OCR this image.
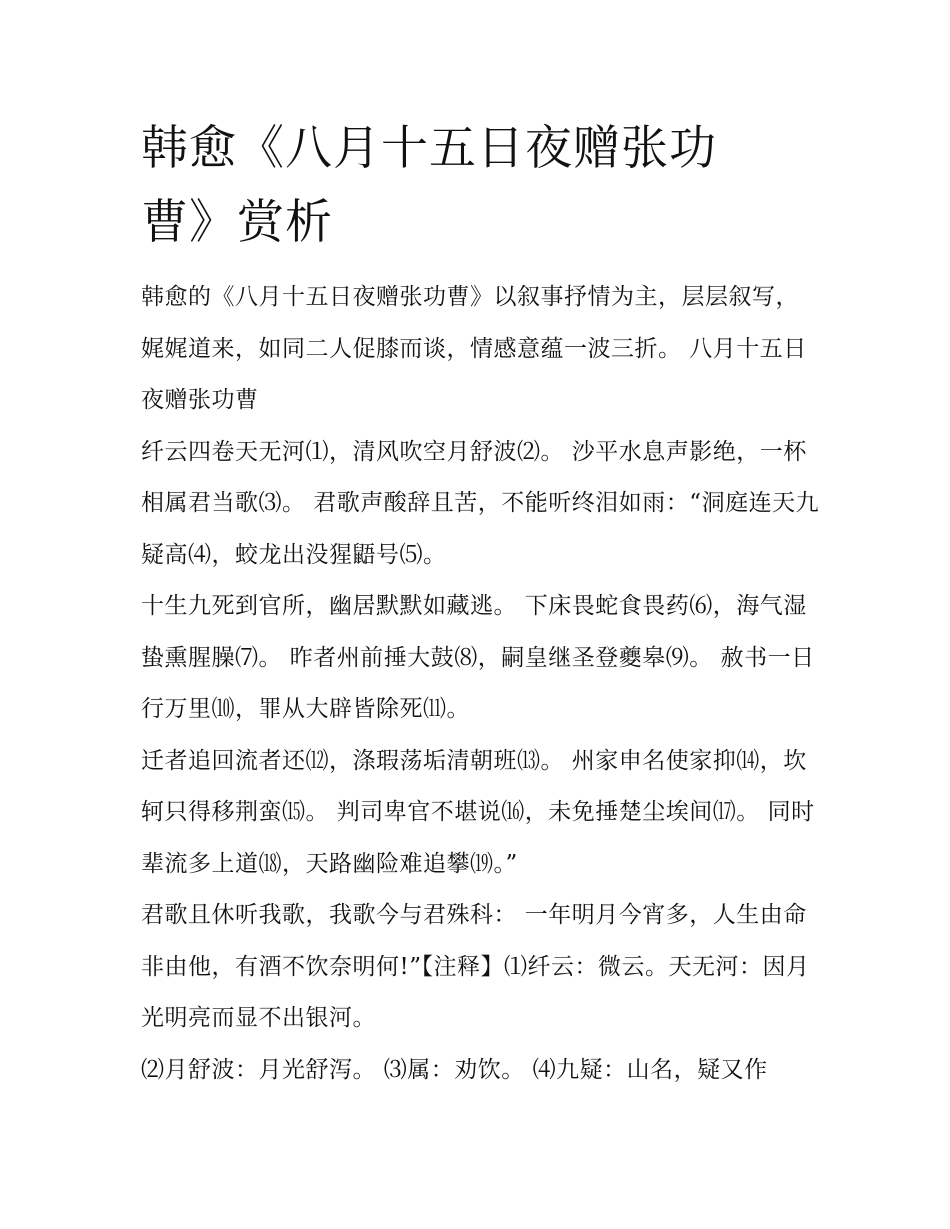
韩愈《八月十五日夜赠张功曹》赏析

韩愈的《八月十五日夜赠张功曹》以叙事抒情为主，层层叙写，娓娓道来，如同二人促膝而谈，情感意蕴一波三折。 八月十五日夜赠张功曹

纤云四卷天无河⑴，清风吹空月舒波⑵。 沙平水息声影绝，一杯相属君当歌⑶。 君歌声酸辞且苦，不能听终泪如雨：“洞庭连天九疑高⑷，蛟龙出没猩鼯号⑸。

十生九死到官所，幽居默默如藏逃。 下床畏蛇食畏药⑹，海气湿蛰熏腥臊⑺。 昨者州前捶大鼓⑻，嗣皇继圣登夔皋⑼。 赦书一日行万里⑽，罪从大辟皆除死⑾。

迁者追回流者还⑿，涤瑕荡垢清朝班⒀。 州家申名使家抑⒁，坎轲只得移荆蛮⒂。 判司卑官不堪说⒃，未免捶楚尘埃间⒄。 同时辈流多上道⒅，天路幽险难追攀⒆。”

君歌且休听我歌，我歌今与君殊科： 一年明月今宵多，人生由命非由他，有酒不饮奈明何!”【注释】⑴纤云：微云。天无河：因月光明亮而显不出银河。

⑵月舒波：月光舒泻。 ⑶属：劝饮。 ⑷九疑：山名，疑又作
